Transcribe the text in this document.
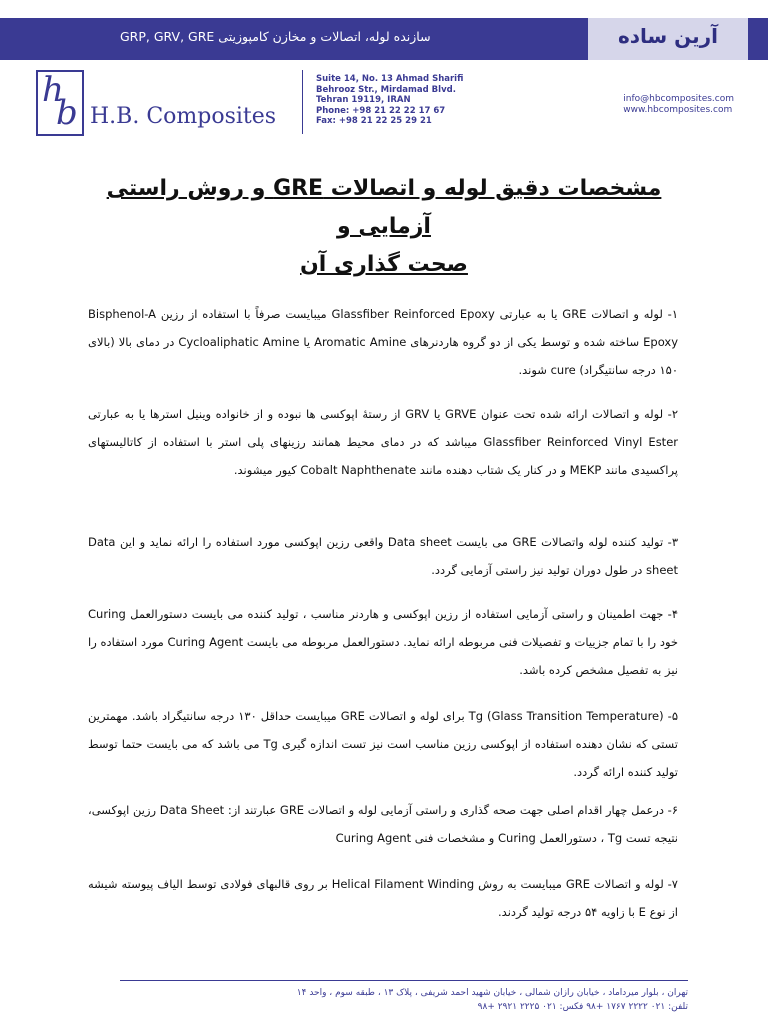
سازنده لوله، اتصالات و مخازن کامپوزیتی GRP, GRV, GRE	آرین ساده
h
b H.B. Composites
Suite 14, No. 13 Ahmad Sharifi
Behrooz Str., Mirdamad Blvd.
Tehran 19119, IRAN
Phone: +98 21 22 22 17 67
Fax: +98 21 22 25 29 21
info@hbcomposites.com
www.hbcomposites.com
مشخصات دقیق لوله و اتصالات GRE و روش راستی آزمایی و
صحت گذاری آن
۱- لوله و اتصالات GRE یا به عبارتی Glassfiber Reinforced Epoxy میبایست صرفاً با استفاده از رزین Bisphenol-A Epoxy ساخته شده و توسط یکی از دو گروه هاردنرهای Aromatic Amine یا Cycloaliphatic Amine در دمای بالا (بالای ۱۵۰ درجه سانتیگراد) cure شوند.
۲- لوله و اتصالات ارائه شده تحت عنوان GRVE یا GRV از رستهٔ اپوکسی ها نبوده و از خانواده وینیل استرها یا به عبارتی Glassfiber Reinforced Vinyl Ester میباشد که در دمای محیط همانند رزینهای پلی استر با استفاده از کاتالیستهای پراکسیدی مانند MEKP و در کنار یک شتاب دهنده مانند Cobalt Naphthenate کیور میشوند.
۳- تولید کننده لوله واتصالات GRE می بایست Data sheet واقعی رزین اپوکسی مورد استفاده را ارائه نماید و این Data sheet در طول دوران تولید نیز راستی آزمایی گردد.
۴- جهت اطمینان و راستی آزمایی استفاده از رزین اپوکسی و هاردنر مناسب ، تولید کننده می بایست دستورالعمل Curing خود را با تمام جزییات و تفصیلات فنی مربوطه ارائه نماید. دستورالعمل مربوطه می بایست Curing Agent مورد استفاده را نیز به تفصیل مشخص کرده باشد.
۵- Tg (Glass Transition Temperature) برای لوله و اتصالات GRE میبایست حداقل ۱۳۰ درجه سانتیگراد باشد. مهمترین تستی که نشان دهنده استفاده از اپوکسی رزین مناسب است نیز تست اندازه گیری Tg می باشد که می بایست حتما توسط تولید کننده ارائه گردد.
۶- درعمل چهار اقدام اصلی جهت صحه گذاری و راستی آزمایی لوله و اتصالات GRE عبارتند از: Data Sheet رزین اپوکسی، نتیجه تست Tg ، دستورالعمل Curing و مشخصات فنی Curing Agent
۷- لوله و اتصالات GRE میبایست به روش Helical Filament Winding بر روی قالبهای فولادی توسط الیاف پیوسته شیشه از نوع E با زاویه ۵۴ درجه تولید گردند.
تهران ، بلوار میرداماد ، خیابان رازان شمالی ، خیابان شهید احمد شریفی ، پلاک ۱۳ ، طبقه سوم ، واحد ۱۴
تلفن: ۰۲۱ ۲۲۲۲ ۱۷۶۷ +۹۸ فکس: ۰۲۱ ۲۲۲۵ ۲۹۲۱ +۹۸
